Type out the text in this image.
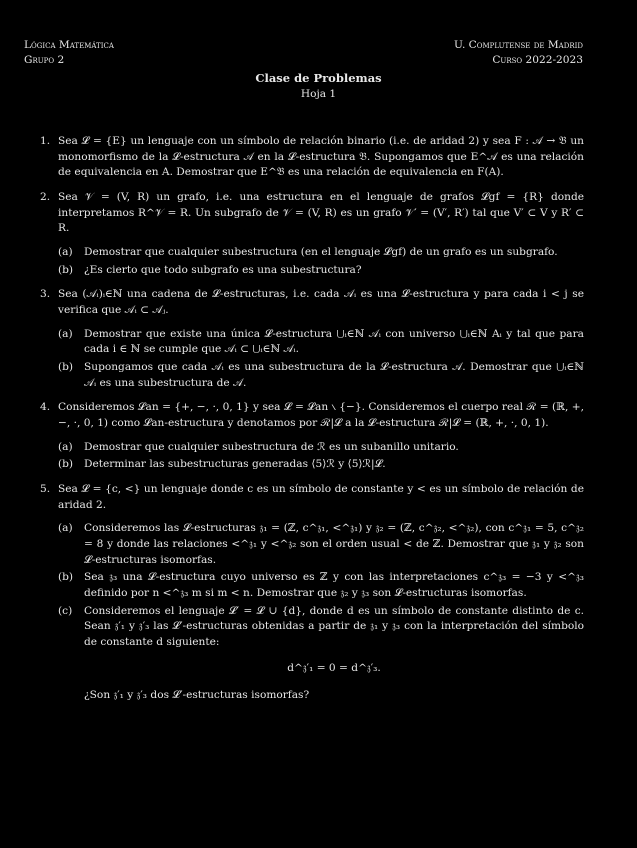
Lógica Matemática
Grupo 2
U. Complutense de Madrid
Curso 2022-2023
Clase de Problemas
Hoja 1
1. Sea 𝓛 = {E} un lenguaje con un símbolo de relación binario (i.e. de aridad 2) y sea F : 𝒜 → 𝔅 un monomorfismo de la 𝓛-estructura 𝒜 en la 𝓛-estructura 𝔅. Supongamos que E^𝒜 es una relación de equivalencia en A. Demostrar que E^𝔅 es una relación de equivalencia en F(A).

2. Sea 𝒱 = (V, R) un grafo, i.e. una estructura en el lenguaje de grafos 𝓛gf = {R} donde interpretamos R^𝒱 = R. Un subgrafo de 𝒱 = (V, R) es un grafo 𝒱′ = (V′, R′) tal que V′ ⊂ V y R′ ⊂ R.

(a) Demostrar que cualquier subestructura (en el lenguaje 𝓛gf) de un grafo es un subgrafo.

(b) ¿Es cierto que todo subgrafo es una subestructura?

3. Sea (𝒜ᵢ)ᵢ∈ℕ una cadena de 𝓛-estructuras, i.e. cada 𝒜ᵢ es una 𝓛-estructura y para cada i < j se verifica que 𝒜ᵢ ⊂ 𝒜ⱼ.

(a) Demostrar que existe una única 𝓛-estructura ⋃ᵢ∈ℕ 𝒜ᵢ con universo ⋃ᵢ∈ℕ Aᵢ y tal que para cada i ∈ ℕ se cumple que 𝒜ᵢ ⊂ ⋃ᵢ∈ℕ 𝒜ᵢ.

(b) Supongamos que cada 𝒜ᵢ es una subestructura de la 𝓛-estructura 𝒜. Demostrar que ⋃ᵢ∈ℕ 𝒜ᵢ es una subestructura de 𝒜.

4. Consideremos 𝓛an = {+, −, ·, 0, 1} y sea 𝓛 = 𝓛an ∖ {−}. Consideremos el cuerpo real ℛ = (ℝ, +, −, ·, 0, 1) como 𝓛an-estructura y denotamos por ℛ|𝓛 a la 𝓛-estructura ℛ|𝓛 = (ℝ, +, ·, 0, 1).

(a) Demostrar que cualquier subestructura de ℛ es un subanillo unitario.

(b) Determinar las subestructuras generadas ⟨5⟩ℛ y ⟨5⟩ℛ|𝓛.

5. Sea 𝓛 = {c, <} un lenguaje donde c es un símbolo de constante y < es un símbolo de relación de aridad 2.

(a) Consideremos las 𝓛-estructuras 𝔷₁ = (ℤ, c^𝔷₁, <^𝔷₁) y 𝔷₂ = (ℤ, c^𝔷₂, <^𝔷₂), con c^𝔷₁ = 5, c^𝔷₂ = 8 y donde las relaciones <^𝔷₁ y <^𝔷₂ son el orden usual < de ℤ. Demostrar que 𝔷₁ y 𝔷₂ son 𝓛-estructuras isomorfas.

(b) Sea 𝔷₃ una 𝓛-estructura cuyo universo es ℤ y con las interpretaciones c^𝔷₃ = −3 y <^𝔷₃ definido por n <^𝔷₃ m si m < n. Demostrar que 𝔷₂ y 𝔷₃ son 𝓛-estructuras isomorfas.

(c) Consideremos el lenguaje 𝓛′ = 𝓛 ∪ {d}, donde d es un símbolo de constante distinto de c. Sean 𝔷′₁ y 𝔷′₃ las 𝓛′-estructuras obtenidas a partir de 𝔷₁ y 𝔷₃ con la interpretación del símbolo de constante d siguiente:

d^𝔷′₁ = 0 = d^𝔷′₃.

¿Son 𝔷′₁ y 𝔷′₃ dos 𝓛′-estructuras isomorfas?
